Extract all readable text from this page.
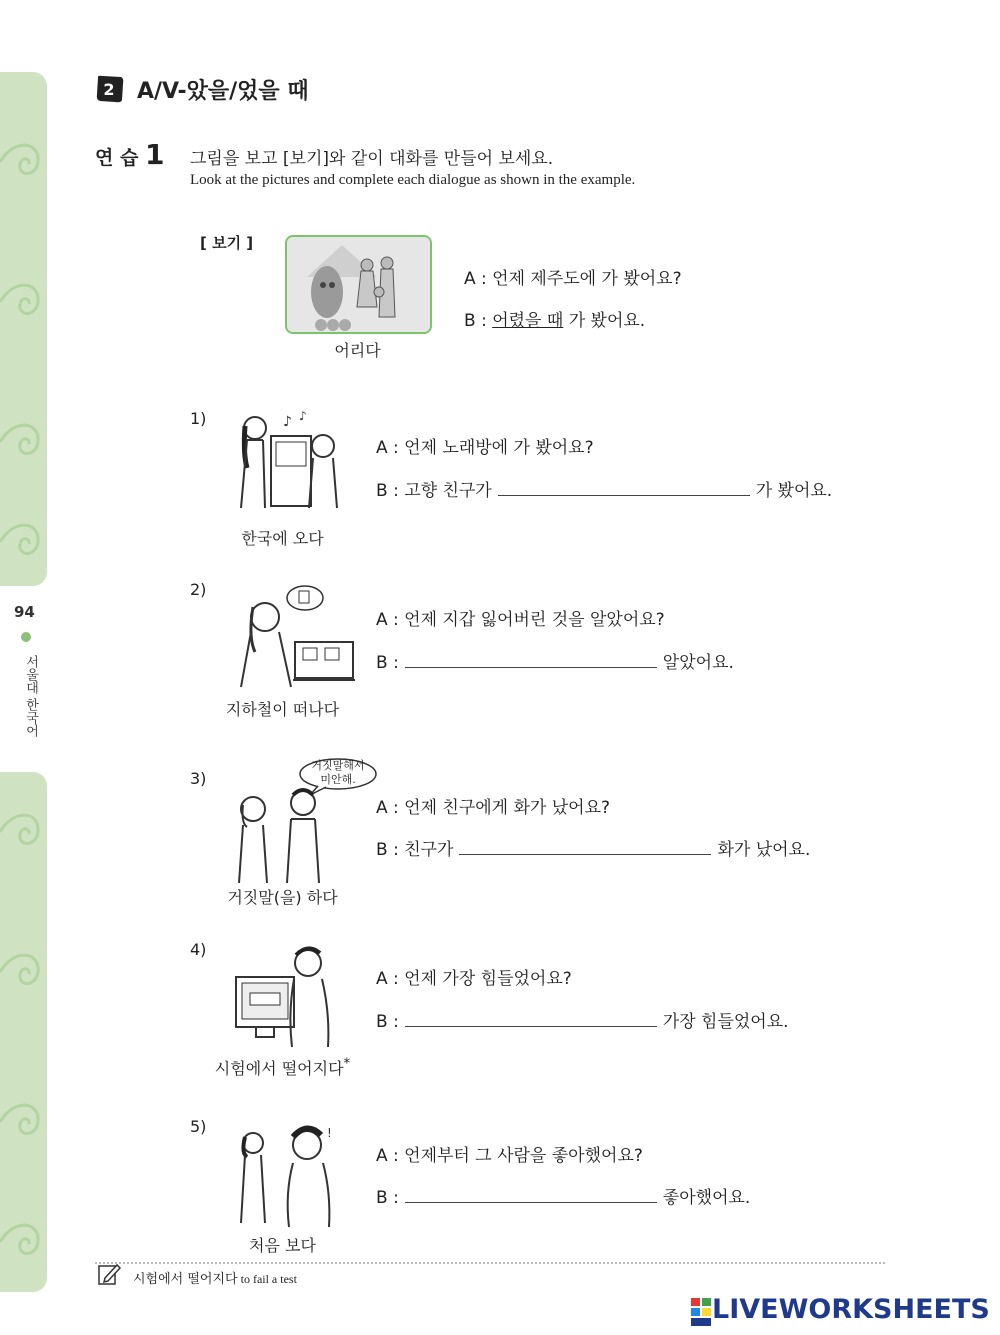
94
서울대 한국어
2 A/V-았을/었을 때
연 습 1 그림을 보고 [보기]와 같이 대화를 만들어 보세요.
Look at the pictures and complete each dialogue as shown in the example.
[ 보기 ]
어리다
A : 언제 제주도에 가 봤어요?
B : 어렸을 때 가 봤어요.
1)	♪ ♪
한국에 오다
A : 언제 노래방에 가 봤어요?
B : 고향 친구가	가 봤어요.
2)
지하철이 떠나다
A : 언제 지갑 잃어버린 것을 알았어요?
B :	알았어요.
3)
거짓말해서
미안해.
거짓말(을) 하다
A : 언제 친구에게 화가 났어요?
B : 친구가	화가 났어요.
4)
시험에서 떨어지다*
A : 언제 가장 힘들었어요?
B :	가장 힘들었어요.
5)	!
처음 보다
A : 언제부터 그 사람을 좋아했어요?
B :	좋아했어요.
시험에서 떨어지다 to fail a test
LIVEWORKSHEETS
